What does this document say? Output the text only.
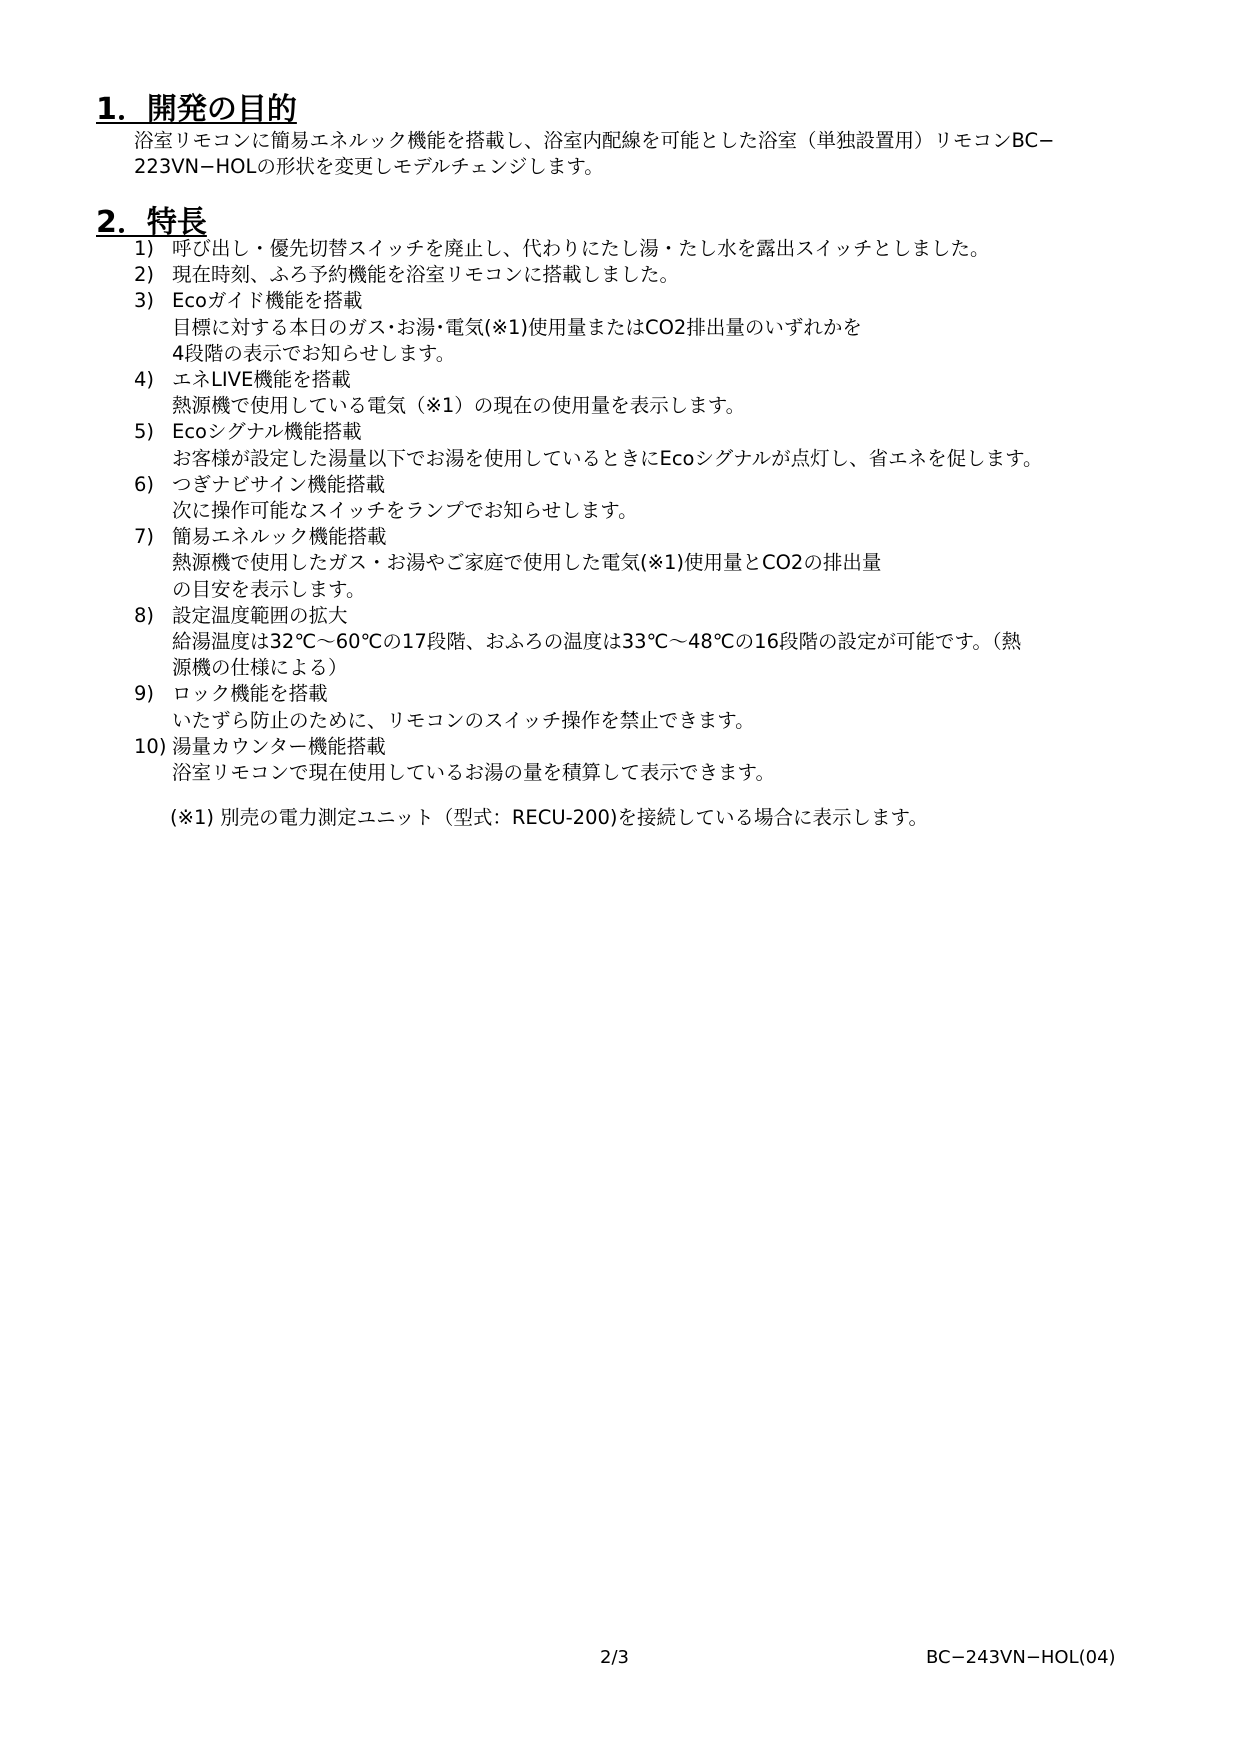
1．開発の目的
浴室リモコンに簡易エネルック機能を搭載し、浴室内配線を可能とした浴室（単独設置用）リモコンBC−
223VN−HOLの形状を変更しモデルチェンジします。
2．特長
1) 呼び出し・優先切替スイッチを廃止し、代わりにたし湯・たし水を露出スイッチとしました。
2) 現在時刻、ふろ予約機能を浴室リモコンに搭載しました。
3) Ecoガイド機能を搭載
目標に対する本日のガス･お湯･電気(※1)使用量またはCO2排出量のいずれかを
4段階の表示でお知らせします。
4) エネLIVE機能を搭載
熱源機で使用している電気（※1）の現在の使用量を表示します。
5) Ecoシグナル機能搭載
お客様が設定した湯量以下でお湯を使用しているときにEcoシグナルが点灯し、省エネを促します。
6) つぎナビサイン機能搭載
次に操作可能なスイッチをランプでお知らせします。
7) 簡易エネルック機能搭載
熱源機で使用したガス・お湯やご家庭で使用した電気(※1)使用量とCO2の排出量
の目安を表示します。
8) 設定温度範囲の拡大
給湯温度は32℃〜60℃の17段階、おふろの温度は33℃〜48℃の16段階の設定が可能です。（熱
源機の仕様による）
9) ロック機能を搭載
いたずら防止のために、リモコンのスイッチ操作を禁止できます。
10) 湯量カウンター機能搭載
浴室リモコンで現在使用しているお湯の量を積算して表示できます。
(※1) 別売の電力測定ユニット（型式：RECU-200)を接続している場合に表示します。
2/3	BC−243VN−HOL(04)
